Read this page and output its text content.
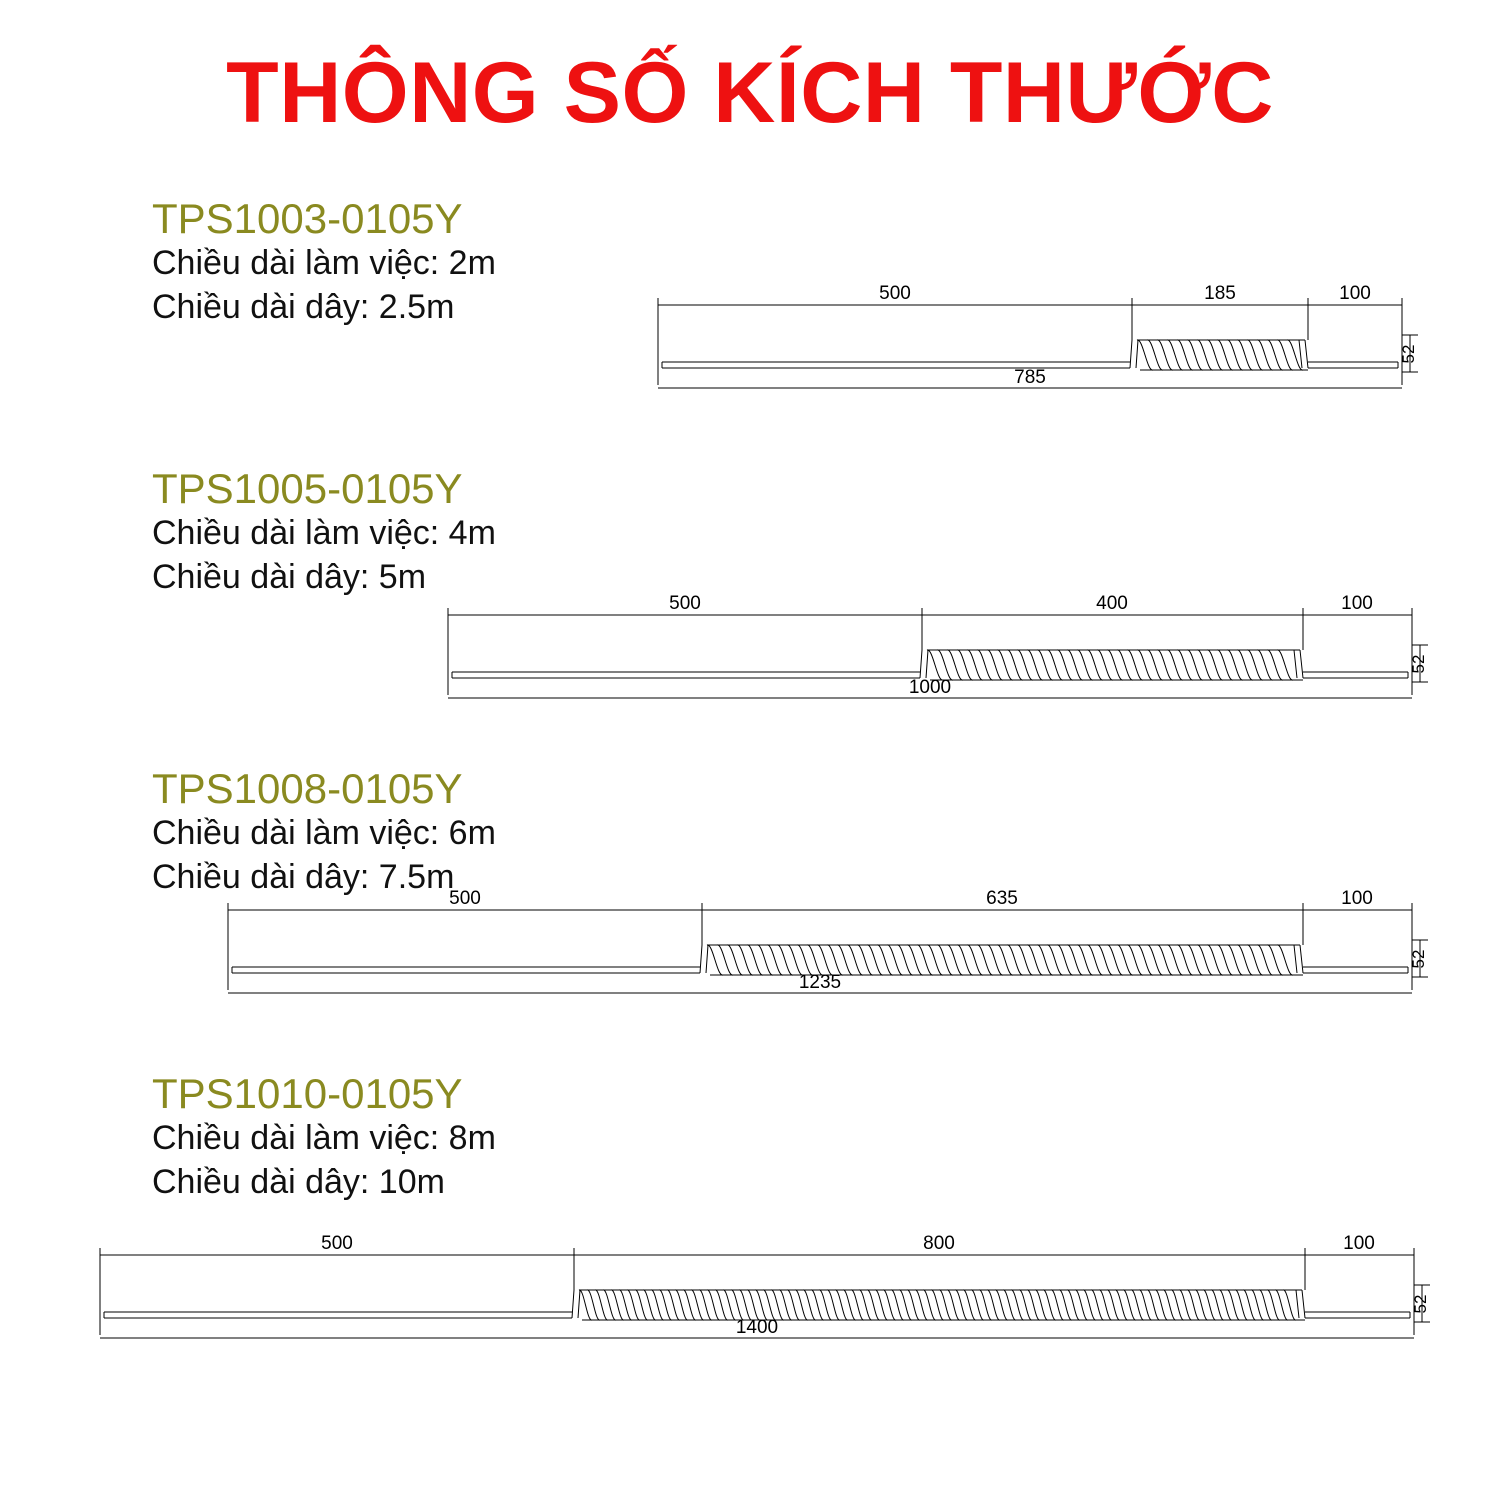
THÔNG SỐ KÍCH THƯỚC
TPS1003-0105Y
Chiều dài làm việc: 2m
Chiều dài dây: 2.5m	500	185	100
785
52
TPS1005-0105Y
Chiều dài làm việc: 4m
Chiều dài dây: 5m
500	400	100
1000
52
TPS1008-0105Y
Chiều dài làm việc: 6m
Chiều dài dây: 7.5m
500	635	100
1235
52
TPS1010-0105Y
Chiều dài làm việc: 8m
Chiều dài dây: 10m
500	800	100
1400
52
